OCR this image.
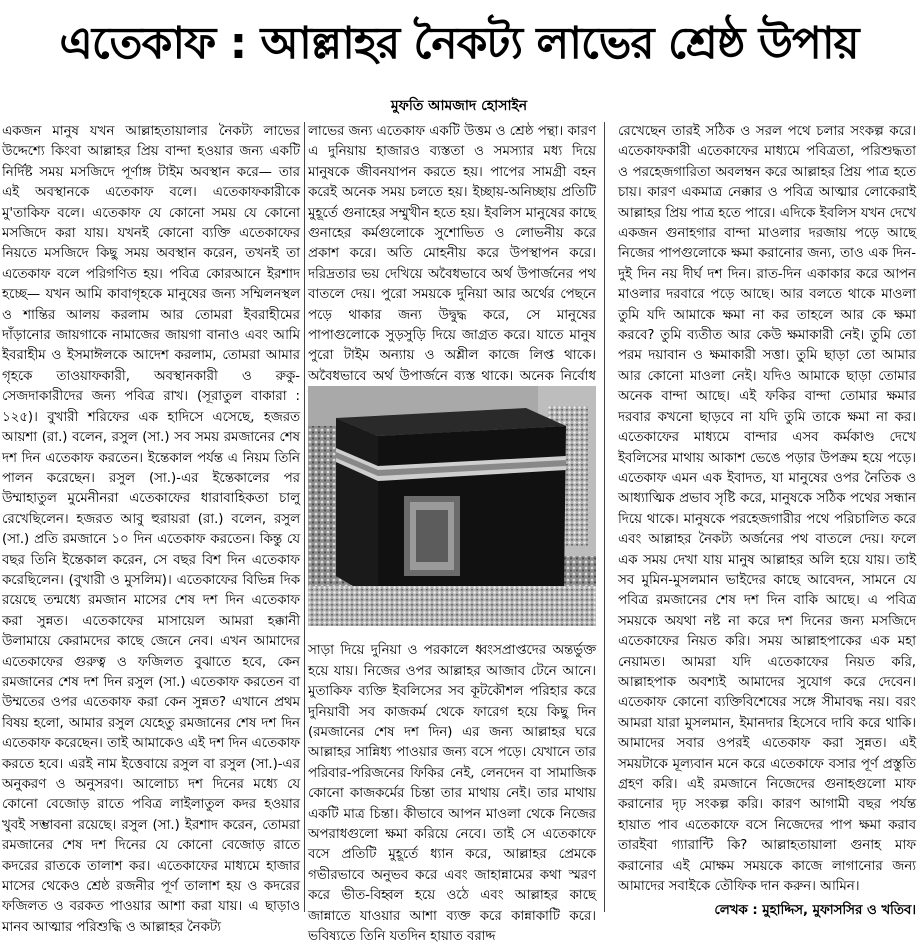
এতেকাফ : আল্লাহর নৈকট্য লাভের শ্রেষ্ঠ উপায়
মুফতি আমজাদ হোসাইন

একজন মানুষ যখন আল্লাহতায়ালার নৈকট্য লাভের উদ্দেশ্যে কিংবা আল্লাহর প্রিয় বান্দা হওয়ার জন্য একটি নির্দিষ্ট সময় মসজিদে পূর্ণাঙ্গ টাইম অবস্থান করে— তার এই অবস্থানকে এতেকাফ বলে। এতেকাফকারীকে মু'তাকিফ বলে। এতেকাফ যে কোনো সময় যে কোনো মসজিদে করা যায়। যখনই কোনো ব্যক্তি এতেকাফের নিয়তে মসজিদে কিছু সময় অবস্থান করেন, তখনই তা এতেকাফ বলে পরিগণিত হয়। পবিত্র কোরআনে ইরশাদ হচ্ছে— যখন আমি কাবাগৃহকে মানুষের জন্য সম্মিলনস্থল ও শান্তির আলয় করলাম আর তোমরা ইবরাহীমের দাঁড়ানোর জায়গাকে নামাজের জায়গা বানাও এবং আমি ইবরাহীম ও ইসমাঈলকে আদেশ করলাম, তোমরা আমার গৃহকে তাওয়াফকারী, অবস্থানকারী ও রুকু-সেজদাকারীদের জন্য পবিত্র রাখ। (সূরাতুল বাকারা : ১২৫)। বুখারী শরিফের এক হাদিসে এসেছে, হজরত আয়শা (রা.) বলেন, রসুল (সা.) সব সময় রমজানের শেষ দশ দিন এতেকাফ করতেন। ইন্তেকাল পর্যন্ত এ নিয়ম তিনি পালন করেছেন। রসুল (সা.)-এর ইন্তেকালের পর উম্মাহাতুল মুমেনীনরা এতেকাফের ধারাবাহিকতা চালু রেখেছিলেন। হজরত আবু হুরায়রা (রা.) বলেন, রসুল (সা.) প্রতি রমজানে ১০ দিন এতেকাফ করতেন। কিন্তু যে বছর তিনি ইন্তেকাল করেন, সে বছর বিশ দিন এতেকাফ করেছিলেন। (বুখারী ও মুসলিম)। এতেকাফের বিভিন্ন দিক রয়েছে তন্মধ্যে রমজান মাসের শেষ দশ দিন এতেকাফ করা সুন্নত। এতেকাফের মাসায়েল আমরা হক্কানী উলামায়ে কেরামদের কাছে জেনে নেব। এখন আমাদের এতেকাফের গুরুত্ব ও ফজিলত বুঝাতে হবে, কেন রমজানের শেষ দশ দিন রসুল (সা.) এতেকাফ করতেন বা উম্মতের ওপর এতেকাফ করা কেন সুন্নত? এখানে প্রথম বিষয় হলো, আমার রসুল যেহেতু রমজানের শেষ দশ দিন এতেকাফ করেছেন। তাই আমাকেও এই দশ দিন এতেকাফ করতে হবে। এরই নাম ইত্তেবায়ে রসুল বা রসুল (সা.)-এর অনুকরণ ও অনুসরণ। আলোচ্য দশ দিনের মধ্যে যে কোনো বেজোড় রাতে পবিত্র লাইলাতুল কদর হওয়ার খুবই সম্ভাবনা রয়েছে। রসুল (সা.) ইরশাদ করেন, তোমরা রমজানের শেষ দশ দিনের যে কোনো বেজোড় রাতে কদরের রাতকে তালাশ কর। এতেকাফের মাধ্যমে হাজার মাসের থেকেও শ্রেষ্ঠ রজনীর পূর্ণ তালাশ হয় ও কদরের ফজিলত ও বরকত পাওয়ার আশা করা যায়। এ ছাড়াও মানব আত্মার পরিশুদ্ধি ও আল্লাহর নৈকট্য

লাভের জন্য এতেকাফ একটি উত্তম ও শ্রেষ্ঠ পন্থা। কারণ এ দুনিয়ায় হাজারও ব্যস্ততা ও সমস্যার মধ্য দিয়ে মানুষকে জীবনযাপন করতে হয়। পাপের সামগ্রী বহন করেই অনেক সময় চলতে হয়। ইচ্ছায়-অনিচ্ছায় প্রতিটি মুহূর্তে গুনাহের সম্মুখীন হতে হয়। ইবলিস মানুষের কাছে গুনাহের কর্মগুলোকে সুশোভিত ও লোভনীয় করে প্রকাশ করে। অতি মোহনীয় করে উপস্থাপন করে। দরিদ্রতার ভয় দেখিয়ে অবৈধভাবে অর্থ উপার্জনের পথ বাতলে দেয়। পুরো সময়কে দুনিয়া আর অর্থের পেছনে পড়ে থাকার জন্য উদ্বুদ্ধ করে, সে মানুষের পাপাগুলোকে সুড়সুড়ি দিয়ে জাগ্রত করে। যাতে মানুষ পুরো টাইম অন্যায় ও অশ্লীল কাজে লিপ্ত থাকে। অবৈধভাবে অর্থ উপার্জনে ব্যস্ত থাকে। অনেক নির্বোধ

সাড়া দিয়ে দুনিয়া ও পরকালে ধ্বংসপ্রাপ্তদের অন্তর্ভুক্ত হয়ে যায়। নিজের ওপর আল্লাহর আজাব টেনে আনে। মুতাকিফ ব্যক্তি ইবলিসের সব কূটকৌশল পরিহার করে দুনিয়াবী সব কাজকর্ম থেকে ফারেগ হয়ে কিছু দিন (রমজানের শেষ দশ দিন) এর জন্য আল্লাহর ঘরে আল্লাহর সান্নিধ্য পাওয়ার জন্য বসে পড়ে। যেখানে তার পরিবার-পরিজনের ফিকির নেই, লেনদেন বা সামাজিক কোনো কাজকর্মের চিন্তা তার মাথায় নেই। তার মাথায় একটি মাত্র চিন্তা। কীভাবে আপন মাওলা থেকে নিজের অপরাধগুলো ক্ষমা করিয়ে নেবে। তাই সে এতেকাফে বসে প্রতিটি মুহূর্তে ধ্যান করে, আল্লাহর প্রেমকে গভীরভাবে অনুভব করে এবং জাহান্নামের কথা স্মরণ করে ভীত-বিহ্বল হয়ে ওঠে এবং আল্লাহর কাছে জান্নাতে যাওয়ার আশা ব্যক্ত করে কান্নাকাটি করে। ভবিষ্যতে তিনি যতদিন হায়াত বরাদ্দ

রেখেছেন তারই সঠিক ও সরল পথে চলার সংকল্প করে। এতেকাফকারী এতেকাফের মাধ্যমে পবিত্রতা, পরিশুদ্ধতা ও পরহেজগারিতা অবলম্বন করে আল্লাহর প্রিয় পাত্র হতে চায়। কারণ একমাত্র নেক্কার ও পবিত্র আত্মার লোকেরাই আল্লাহর প্রিয় পাত্র হতে পারে। এদিকে ইবলিস যখন দেখে একজন গুনাহগার বান্দা মাওলার দরজায় পড়ে আছে নিজের পাপগুলোকে ক্ষমা করানোর জন্য, তাও এক দিন-দুই দিন নয় দীর্ঘ দশ দিন। রাত-দিন একাকার করে আপন মাওলার দরবারে পড়ে আছে। আর বলতে থাকে মাওলা তুমি যদি আমাকে ক্ষমা না কর তাহলে আর কে ক্ষমা করবে? তুমি ব্যতীত আর কেউ ক্ষমাকারী নেই। তুমি তো পরম দয়াবান ও ক্ষমাকারী সত্তা। তুমি ছাড়া তো আমার আর কোনো মাওলা নেই। যদিও আমাকে ছাড়া তোমার অনেক বান্দা আছে। এই ফকির বান্দা তোমার ক্ষমার দরবার কখনো ছাড়বে না যদি তুমি তাকে ক্ষমা না কর। এতেকাফের মাধ্যমে বান্দার এসব কর্মকাণ্ড দেখে ইবলিসের মাথায় আকাশ ভেঙে পড়ার উপক্রম হয়ে পড়ে। এতেকাফ এমন এক ইবাদত, যা মানুষের ওপর নৈতিক ও আধ্যাত্মিক প্রভাব সৃষ্টি করে, মানুষকে সঠিক পথের সন্ধান দিয়ে থাকে। মানুষকে পরহেজগারীর পথে পরিচালিত করে এবং আল্লাহর নৈকট্য অর্জনের পথ বাতলে দেয়। ফলে এক সময় দেখা যায় মানুষ আল্লাহর অলি হয়ে যায়। তাই সব মুমিন-মুসলমান ভাইদের কাছে আবেদন, সামনে যে পবিত্র রমজানের শেষ দশ দিন বাকি আছে। এ পবিত্র সময়কে অযথা নষ্ট না করে দশ দিনের জন্য মসজিদে এতেকাফের নিয়ত করি। সময় আল্লাহপাকের এক মহা নেয়ামত। আমরা যদি এতেকাফের নিয়ত করি, আল্লাহপাক অবশ্যই আমাদের সুযোগ করে দেবেন। এতেকাফ কোনো ব্যক্তিবিশেষের সঙ্গে সীমাবদ্ধ নয়। বরং আমরা যারা মুসলমান, ইমানদার হিসেবে দাবি করে থাকি। আমাদের সবার ওপরই এতেকাফ করা সুন্নত। এই সময়টাকে মূল্যবান মনে করে এতেকাফে বসার পূর্ণ প্রস্তুতি গ্রহণ করি। এই রমজানে নিজেদের গুনাহগুলো মাফ করানোর দৃঢ় সংকল্প করি। কারণ আগামী বছর পর্যন্ত হায়াত পাব এতেকাফে বসে নিজেদের পাপ ক্ষমা করাব তারইবা গ্যারান্টি কি? আল্লাহতায়ালা গুনাহ মাফ করানোর এই মোক্ষম সময়কে কাজে লাগানোর জন্য আমাদের সবাইকে তৌফিক দান করুন। আমিন।

লেখক : মুহাদ্দিস, মুফাসসির ও খতিব।
